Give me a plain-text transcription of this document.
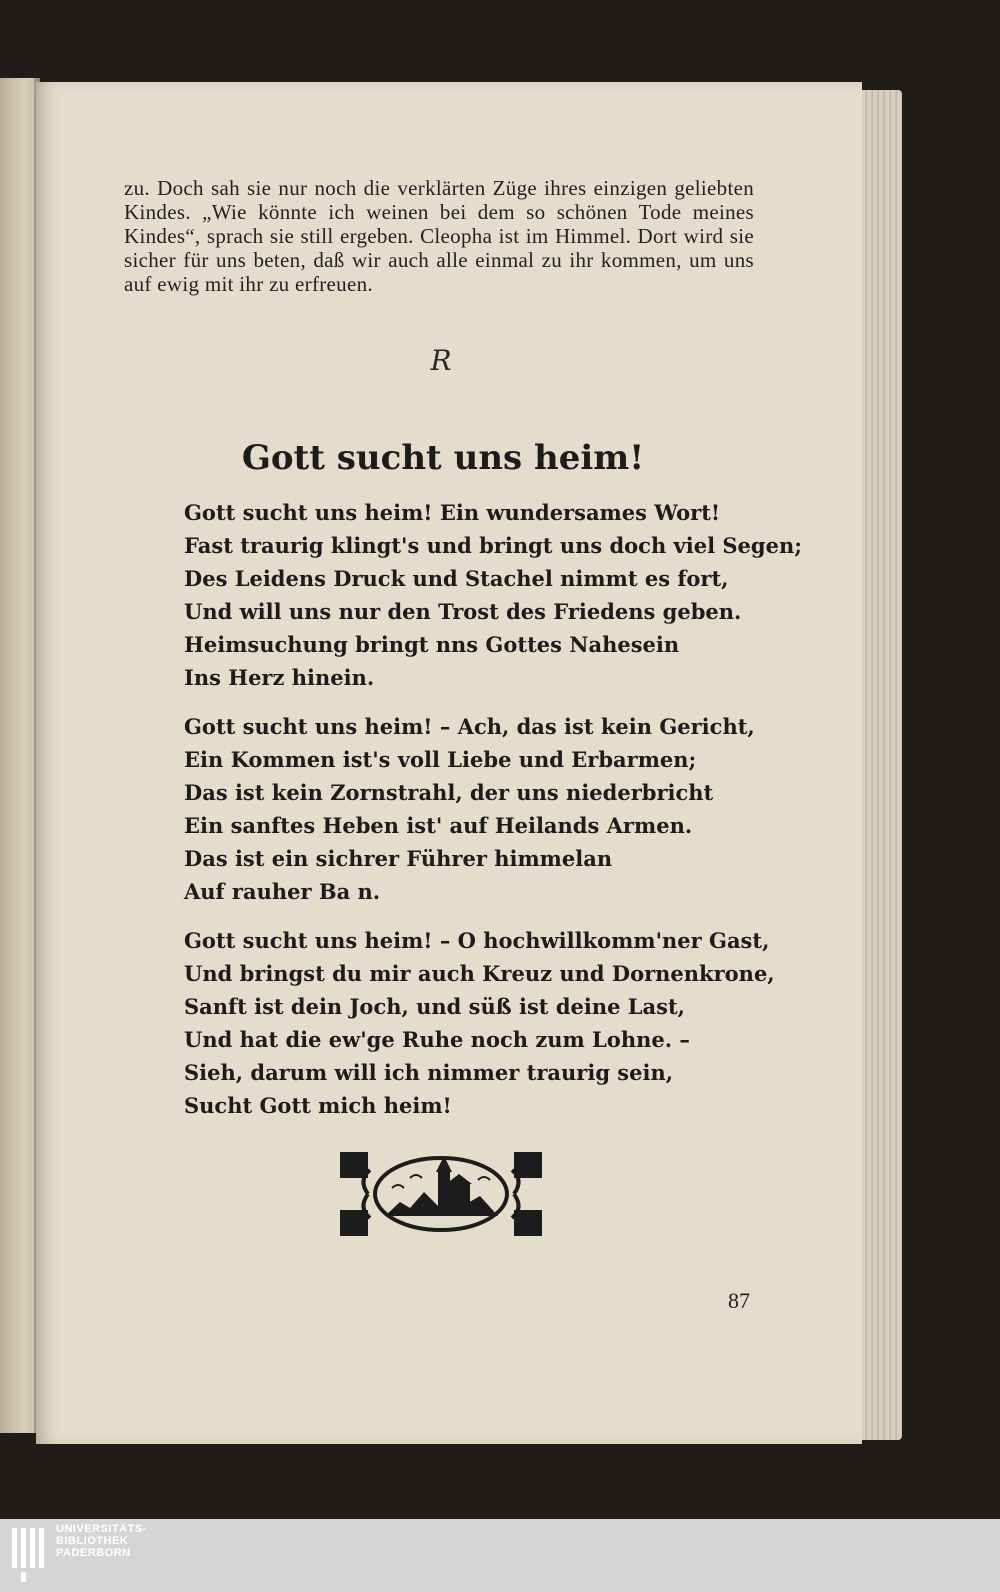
zu. Doch sah sie nur noch die verklärten Züge ihres einzigen geliebten Kindes. „Wie könnte ich weinen bei dem so schönen Tode meines Kindes“, sprach sie still ergeben. Cleopha ist im Himmel. Dort wird sie sicher für uns beten, daß wir auch alle einmal zu ihr kommen, um uns auf ewig mit ihr zu erfreuen.

R
Gott sucht uns heim!
Gott sucht uns heim! Ein wundersames Wort!
Fast traurig klingt's und bringt uns doch viel Segen;
Des Leidens Druck und Stachel nimmt es fort,
Und will uns nur den Trost des Friedens geben.
Heimsuchung bringt nns Gottes Nahesein
Ins Herz hinein.
Gott sucht uns heim! – Ach, das ist kein Gericht,
Ein Kommen ist's voll Liebe und Erbarmen;
Das ist kein Zornstrahl, der uns niederbricht
Ein sanftes Heben ist' auf Heilands Armen.
Das ist ein sichrer Führer himmelan
Auf rauher Ba n.
Gott sucht uns heim! – O hochwillkomm'ner Gast,
Und bringst du mir auch Kreuz und Dornenkrone,
Sanft ist dein Joch, und süß ist deine Last,
Und hat die ew'ge Ruhe noch zum Lohne. –
Sieh, darum will ich nimmer traurig sein,
Sucht Gott mich heim!
87
UNIVERSITÄTS-
BIBLIOTHEK
PADERBORN
